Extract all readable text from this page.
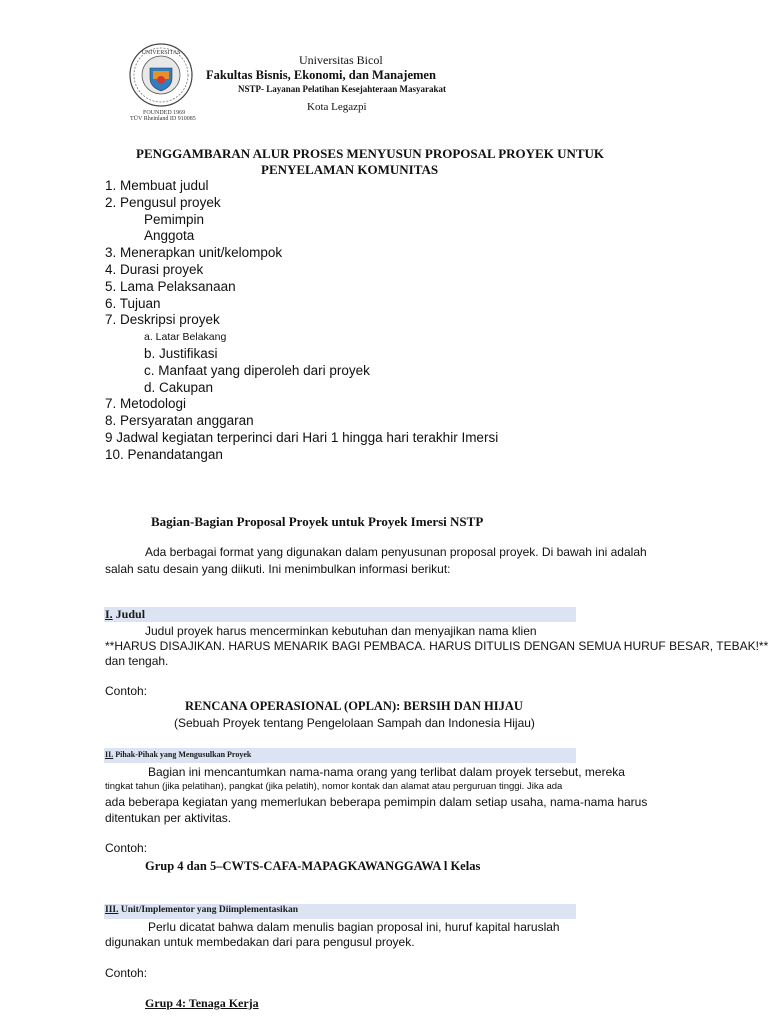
UNIVERSITAS
FOUNDED 1969
TÜV Rheinland ID 910085
Universitas Bicol
Fakultas Bisnis, Ekonomi, dan Manajemen
NSTP- Layanan Pelatihan Kesejahteraan Masyarakat
Kota Legazpi
PENGGAMBARAN ALUR PROSES MENYUSUN PROPOSAL PROYEK UNTUK
PENYELAMAN KOMUNITAS
1. Membuat judul
2. Pengusul proyek
Pemimpin
Anggota
3. Menerapkan unit/kelompok
4. Durasi proyek
5. Lama Pelaksanaan
6. Tujuan
7. Deskripsi proyek
a. Latar Belakang
b. Justifikasi
c. Manfaat yang diperoleh dari proyek
d. Cakupan
7. Metodologi
8. Persyaratan anggaran
9 Jadwal kegiatan terperinci dari Hari 1 hingga hari terakhir Imersi
10. Penandatangan
Bagian-Bagian Proposal Proyek untuk Proyek Imersi NSTP
Ada berbagai format yang digunakan dalam penyusunan proposal proyek. Di bawah ini adalah
salah satu desain yang diikuti. Ini menimbulkan informasi berikut:
I. Judul
Judul proyek harus mencerminkan kebutuhan dan menyajikan nama klien
**HARUS DISAJIKAN. HARUS MENARIK BAGI PEMBACA. HARUS DITULIS DENGAN SEMUA HURUF BESAR, TEBAK!**
dan tengah.
Contoh:
RENCANA OPERASIONAL (OPLAN): BERSIH DAN HIJAU
(Sebuah Proyek tentang Pengelolaan Sampah dan Indonesia Hijau)
II. Pihak-Pihak yang Mengusulkan Proyek
Bagian ini mencantumkan nama-nama orang yang terlibat dalam proyek tersebut, mereka
tingkat tahun (jika pelatihan), pangkat (jika pelatih), nomor kontak dan alamat atau perguruan tinggi. Jika ada
ada beberapa kegiatan yang memerlukan beberapa pemimpin dalam setiap usaha, nama-nama harus
ditentukan per aktivitas.
Contoh:
Grup 4 dan 5–CWTS-CAFA-MAPAGKAWANGGAWA l Kelas
III. Unit/Implementor yang Diimplementasikan
Perlu dicatat bahwa dalam menulis bagian proposal ini, huruf kapital haruslah
digunakan untuk membedakan dari para pengusul proyek.
Contoh:
Grup 4: Tenaga Kerja
